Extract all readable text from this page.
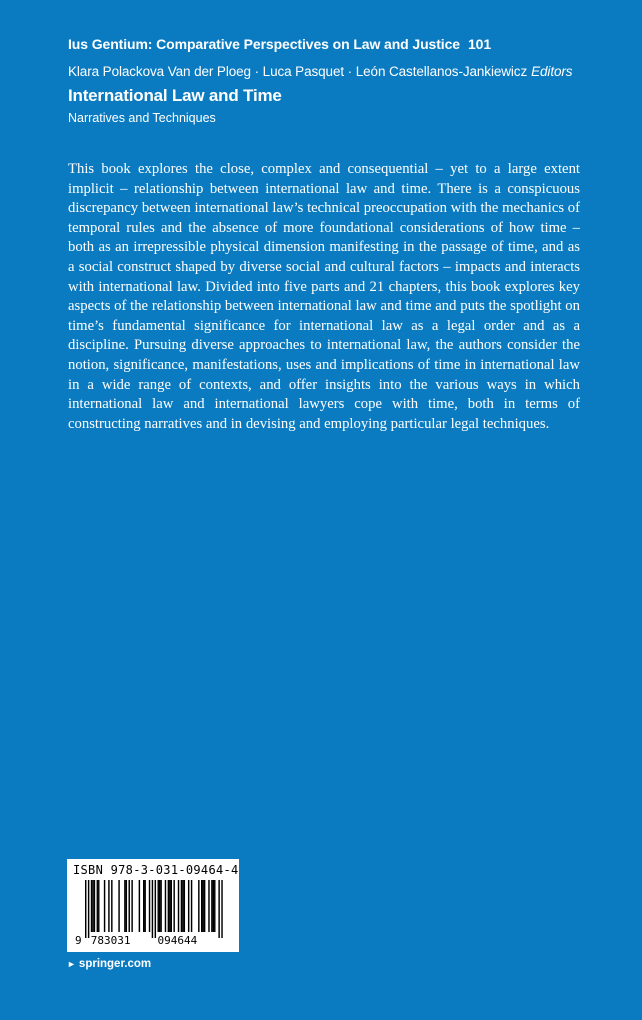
Ius Gentium: Comparative Perspectives on Law and Justice 101
Klara Polackova Van der Ploeg · Luca Pasquet · León Castellanos-Jankiewicz Editors
International Law and Time
Narratives and Techniques

This book explores the close, complex and consequential – yet to a large extent implicit – relationship between international law and time. There is a conspicuous discrepancy between international law’s technical preoccupation with the mechanics of temporal rules and the absence of more foundational considerations of how time – both as an irrepressible physical dimension manifesting in the passage of time, and as a social construct shaped by diverse social and cultural factors – impacts and interacts with international law. Divided into five parts and 21 chapters, this book explores key aspects of the relationship between international law and time and puts the spotlight on time’s fundamental significance for international law as a legal order and as a discipline. Pursuing diverse approaches to international law, the authors consider the notion, significance, manifestations, uses and implications of time in international law in a wide range of contexts, and offer insights into the various ways in which international law and international lawyers cope with time, both in terms of constructing narratives and in devising and employing particular legal techniques.

ISBN 978-3-031-09464-4
9 783031 094644
► springer.com
